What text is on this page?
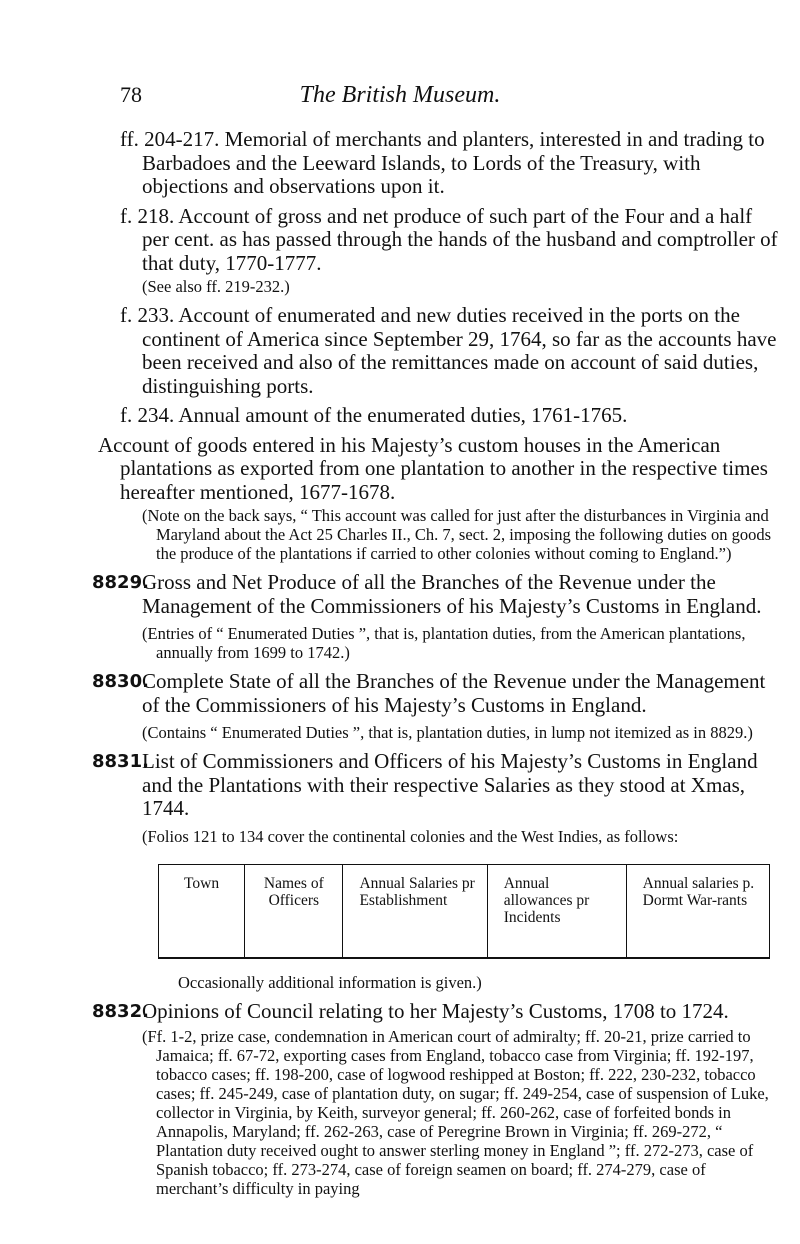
78	The British Museum.

ff. 204-217. Memorial of merchants and planters, interested in and trading to Barbadoes and the Leeward Islands, to Lords of the Treasury, with objections and observations upon it.

f. 218. Account of gross and net produce of such part of the Four and a half per cent. as has passed through the hands of the husband and comptroller of that duty, 1770-1777.

(See also ff. 219-232.)

f. 233. Account of enumerated and new duties received in the ports on the continent of America since September 29, 1764, so far as the accounts have been received and also of the remittances made on account of said duties, distinguishing ports.

f. 234. Annual amount of the enumerated duties, 1761-1765.

Account of goods entered in his Majesty’s custom houses in the American plantations as exported from one plantation to another in the respective times hereafter mentioned, 1677-1678.

(Note on the back says, “ This account was called for just after the disturbances in Virginia and Maryland about the Act 25 Charles II., Ch. 7, sect. 2, imposing the following duties on goods the produce of the plantations if carried to other colonies without coming to England.”)

8829.

Gross and Net Produce of all the Branches of the Revenue under the Management of the Commissioners of his Majesty’s Customs in England.

(Entries of “ Enumerated Duties ”, that is, plantation duties, from the American plantations, annually from 1699 to 1742.)

8830.

Complete State of all the Branches of the Revenue under the Management of the Commissioners of his Majesty’s Customs in England.

(Contains “ Enumerated Duties ”, that is, plantation duties, in lump not itemized as in 8829.)

8831.

List of Commissioners and Officers of his Majesty’s Customs in England and the Plantations with their respective Salaries as they stood at Xmas, 1744.

(Folios 121 to 134 cover the continental colonies and the West Indies, as follows:

Town	Names of Officers	Annual Salaries pr Establishment	Annual allowances pr Incidents	Annual salaries p. Dormt War-rants

Occasionally additional information is given.)

8832.

Opinions of Council relating to her Majesty’s Customs, 1708 to 1724.

(Ff. 1-2, prize case, condemnation in American court of admiralty; ff. 20-21, prize carried to Jamaica; ff. 67-72, exporting cases from England, tobacco case from Virginia; ff. 192-197, tobacco cases; ff. 198-200, case of logwood reshipped at Boston; ff. 222, 230-232, tobacco cases; ff. 245-249, case of plantation duty, on sugar; ff. 249-254, case of suspension of Luke, collector in Virginia, by Keith, surveyor general; ff. 260-262, case of forfeited bonds in Annapolis, Maryland; ff. 262-263, case of Peregrine Brown in Virginia; ff. 269-272, “ Plantation duty received ought to answer sterling money in England ”; ff. 272-273, case of Spanish tobacco; ff. 273-274, case of foreign seamen on board; ff. 274-279, case of merchant’s difficulty in paying
